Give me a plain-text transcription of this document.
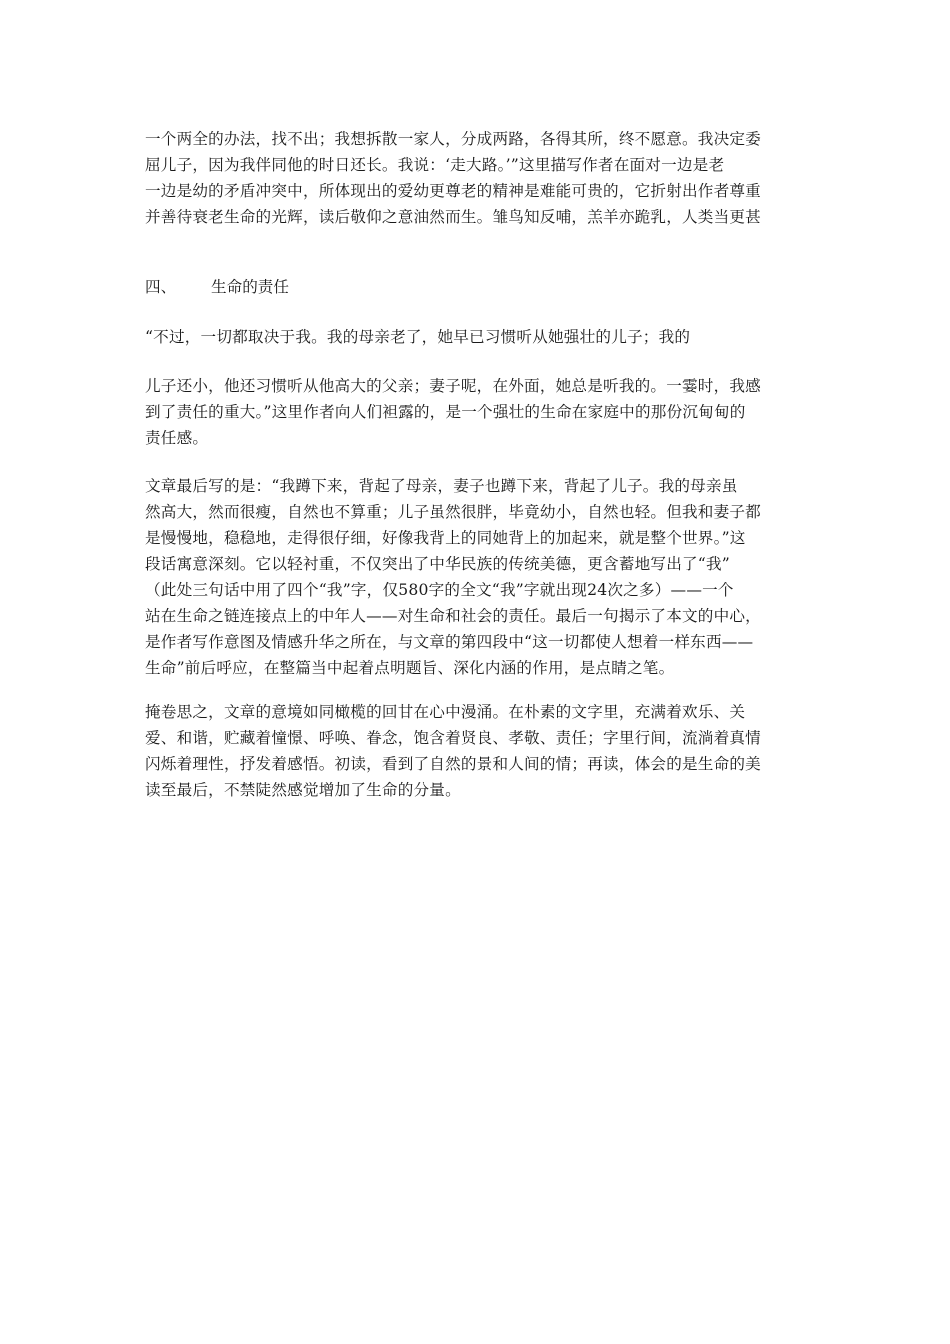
一个两全的办法，找不出；我想拆散一家人，分成两路，各得其所，终不愿意。我决定委
屈儿子，因为我伴同他的时日还长。我说：‘走大路。’”这里描写作者在面对一边是老
一边是幼的矛盾冲突中，所体现出的爱幼更尊老的精神是难能可贵的，它折射出作者尊重
并善待衰老生命的光辉，读后敬仰之意油然而生。雏鸟知反哺，羔羊亦跪乳，人类当更甚
四、 生命的责任
“不过，一切都取决于我。我的母亲老了，她早已习惯听从她强壮的儿子；我的
儿子还小，他还习惯听从他高大的父亲；妻子呢，在外面，她总是听我的。一霎时，我感
到了责任的重大。”这里作者向人们袒露的，是一个强壮的生命在家庭中的那份沉甸甸的
责任感。
文章最后写的是：“我蹲下来，背起了母亲，妻子也蹲下来，背起了儿子。我的母亲虽
然高大，然而很瘦，自然也不算重；儿子虽然很胖，毕竟幼小，自然也轻。但我和妻子都
是慢慢地，稳稳地，走得很仔细，好像我背上的同她背上的加起来，就是整个世界。”这
段话寓意深刻。它以轻衬重，不仅突出了中华民族的传统美德，更含蓄地写出了“我”
（此处三句话中用了四个“我”字，仅580字的全文“我”字就出现24次之多）——一个
站在生命之链连接点上的中年人——对生命和社会的责任。最后一句揭示了本文的中心，
是作者写作意图及情感升华之所在，与文章的第四段中“这一切都使人想着一样东西——
生命”前后呼应，在整篇当中起着点明题旨、深化内涵的作用，是点睛之笔。
掩卷思之，文章的意境如同橄榄的回甘在心中漫涌。在朴素的文字里，充满着欢乐、关
爱、和谐，贮藏着憧憬、呼唤、眷念，饱含着贤良、孝敬、责任；字里行间，流淌着真情
闪烁着理性，抒发着感悟。初读，看到了自然的景和人间的情；再读，体会的是生命的美
读至最后，不禁陡然感觉增加了生命的分量。
